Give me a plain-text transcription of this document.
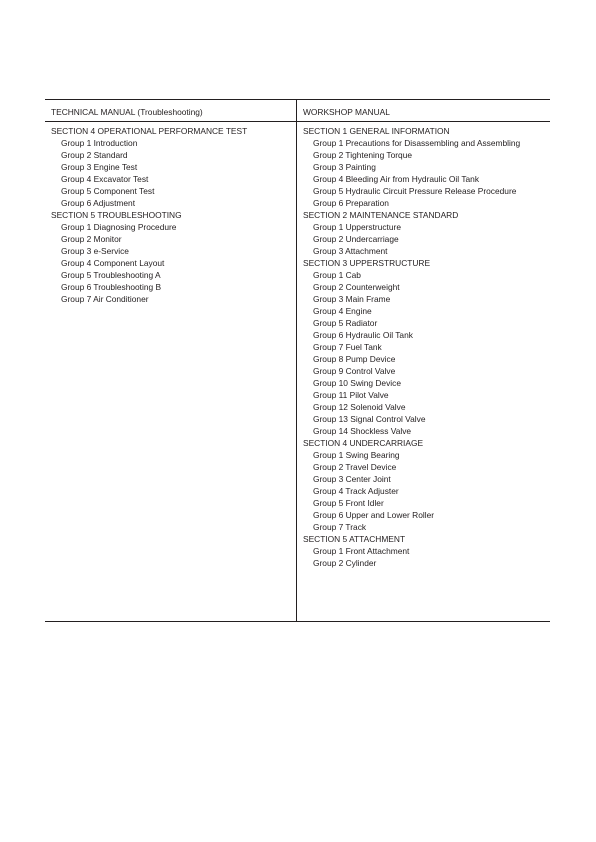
TECHNICAL MANUAL (Troubleshooting)
SECTION 4 OPERATIONAL PERFORMANCE TEST
Group 1 Introduction
Group 2 Standard
Group 3 Engine Test
Group 4 Excavator Test
Group 5 Component Test
Group 6 Adjustment
SECTION 5 TROUBLESHOOTING
Group 1 Diagnosing Procedure
Group 2 Monitor
Group 3 e-Service
Group 4 Component Layout
Group 5 Troubleshooting A
Group 6 Troubleshooting B
Group 7 Air Conditioner
WORKSHOP MANUAL
SECTION 1 GENERAL INFORMATION
Group 1 Precautions for Disassembling and Assembling
Group 2 Tightening Torque
Group 3 Painting
Group 4 Bleeding Air from Hydraulic Oil Tank
Group 5 Hydraulic Circuit Pressure Release Procedure
Group 6 Preparation
SECTION 2 MAINTENANCE STANDARD
Group 1 Upperstructure
Group 2 Undercarriage
Group 3 Attachment
SECTION 3 UPPERSTRUCTURE
Group 1 Cab
Group 2 Counterweight
Group 3 Main Frame
Group 4 Engine
Group 5 Radiator
Group 6 Hydraulic Oil Tank
Group 7 Fuel Tank
Group 8 Pump Device
Group 9 Control Valve
Group 10 Swing Device
Group 11 Pilot Valve
Group 12 Solenoid Valve
Group 13 Signal Control Valve
Group 14 Shockless Valve
SECTION 4 UNDERCARRIAGE
Group 1 Swing Bearing
Group 2 Travel Device
Group 3 Center Joint
Group 4 Track Adjuster
Group 5 Front Idler
Group 6 Upper and Lower Roller
Group 7 Track
SECTION 5 ATTACHMENT
Group 1 Front Attachment
Group 2 Cylinder
